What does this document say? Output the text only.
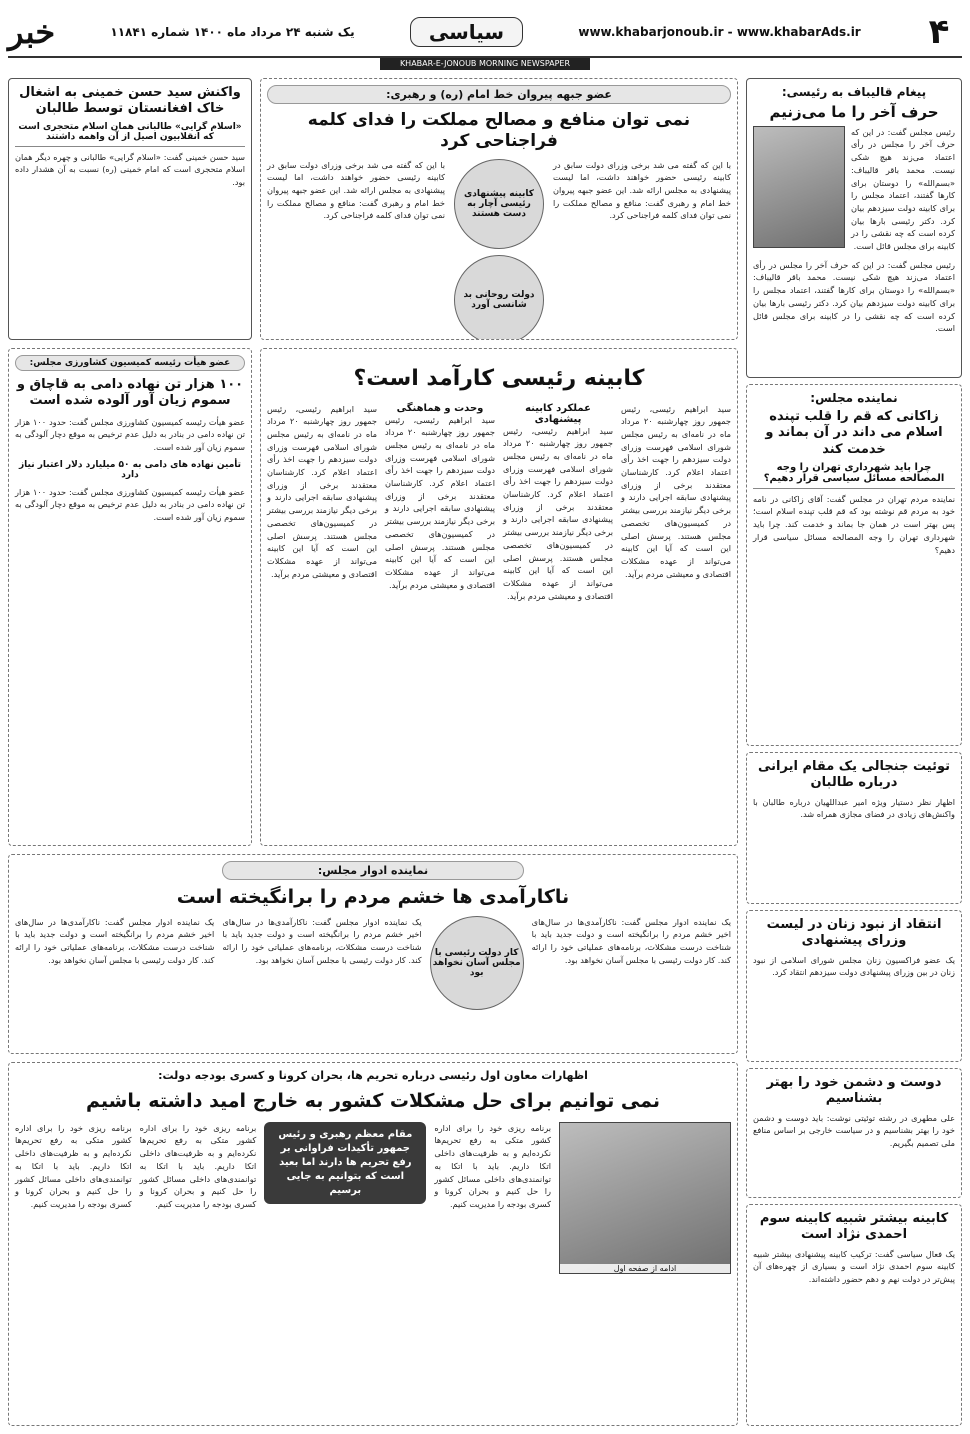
۴
www.khabarjonoub.ir - www.khabarAds.ir
سیاسی
یک شنبه ۲۴ مرداد ماه ۱۴۰۰ شماره ۱۱۸۴۱
خبر
KHABAR-E-JONOUB MORNING NEWSPAPER
پیغام قالیباف به رئیسی:
حرف آخر را ما می‌زنیم
رئیس مجلس گفت: در این که حرف آخر را مجلس در رأی اعتماد می‌زند هیچ شکی نیست. محمد باقر قالیباف: «بسم‌الله» را دوستان برای کارها گفتند، اعتماد مجلس را برای کابینه دولت سیزدهم بیان کرد. دکتر رئیسی بارها بیان کرده است که چه نقشی را در کابینه برای مجلس قائل است.
رئیس مجلس گفت: در این که حرف آخر را مجلس در رأی اعتماد می‌زند هیچ شکی نیست. محمد باقر قالیباف: «بسم‌الله» را دوستان برای کارها گفتند، اعتماد مجلس را برای کابینه دولت سیزدهم بیان کرد. دکتر رئیسی بارها بیان کرده است که چه نقشی را در کابینه برای مجلس قائل است.
نماینده مجلس:
زاکانی که قم را قلب تپنده اسلام می داند در آن بماند و خدمت کند
چرا باید شهرداری تهران را وجه المصالحه مسائل سیاسی قرار دهیم؟
نماینده مردم تهران در مجلس گفت: آقای زاکانی در نامه خود به مردم قم نوشته بود که قم قلب تپنده اسلام است؛ پس بهتر است در همان جا بماند و خدمت کند. چرا باید شهرداری تهران را وجه المصالحه مسائل سیاسی قرار دهیم؟
توئیت جنجالی یک مقام ایرانی درباره طالبان
اظهار نظر دستیار ویژه امیر عبداللهیان درباره طالبان با واکنش‌های زیادی در فضای مجازی همراه شد.
انتقاد از نبود زنان در لیست وزرای پیشنهادی
یک عضو فراکسیون زنان مجلس شورای اسلامی از نبود زنان در بین وزرای پیشنهادی دولت سیزدهم انتقاد کرد.
دوست و دشمن خود را بهتر بشناسیم
علی مطهری در رشته توئیتی نوشت: باید دوست و دشمن خود را بهتر بشناسیم و در سیاست خارجی بر اساس منافع ملی تصمیم بگیریم.
کابینه بیشتر شبیه کابینه سوم احمدی نژاد است
یک فعال سیاسی گفت: ترکیب کابینه پیشنهادی بیشتر شبیه کابینه سوم احمدی نژاد است و بسیاری از چهره‌های آن پیش‌تر در دولت نهم و دهم حضور داشته‌اند.
عضو جبهه پیروان خط امام (ره) و رهبری:
نمی توان منافع و مصالح مملکت را فدای کلمه فراجناحی کرد
با این که گفته می شد برخی وزرای دولت سابق در کابینه رئیسی حضور خواهند داشت، اما لیست پیشنهادی به مجلس ارائه شد. این عضو جبهه پیروان خط امام و رهبری گفت: منافع و مصالح مملکت را نمی توان فدای کلمه فراجناحی کرد.
کابینه پیشنهادی رئیسی آچار به دست هستند
دولت روحانی بد شانسی آورد
با این که گفته می شد برخی وزرای دولت سابق در کابینه رئیسی حضور خواهند داشت، اما لیست پیشنهادی به مجلس ارائه شد. این عضو جبهه پیروان خط امام و رهبری گفت: منافع و مصالح مملکت را نمی توان فدای کلمه فراجناحی کرد.
کابینه رئیسی کارآمد است؟
سید ابراهیم رئیسی، رئیس جمهور روز چهارشنبه ۲۰ مرداد ماه در نامه‌ای به رئیس مجلس شورای اسلامی فهرست وزرای دولت سیزدهم را جهت اخذ رأی اعتماد اعلام کرد. کارشناسان معتقدند برخی از وزرای پیشنهادی سابقه اجرایی دارند و برخی دیگر نیازمند بررسی بیشتر در کمیسیون‌های تخصصی مجلس هستند. پرسش اصلی این است که آیا این کابینه می‌تواند از عهده مشکلات اقتصادی و معیشتی مردم برآید.
عملکرد کابینه پیشنهادی
سید ابراهیم رئیسی، رئیس جمهور روز چهارشنبه ۲۰ مرداد ماه در نامه‌ای به رئیس مجلس شورای اسلامی فهرست وزرای دولت سیزدهم را جهت اخذ رأی اعتماد اعلام کرد. کارشناسان معتقدند برخی از وزرای پیشنهادی سابقه اجرایی دارند و برخی دیگر نیازمند بررسی بیشتر در کمیسیون‌های تخصصی مجلس هستند. پرسش اصلی این است که آیا این کابینه می‌تواند از عهده مشکلات اقتصادی و معیشتی مردم برآید.
وحدت و هماهنگی
سید ابراهیم رئیسی، رئیس جمهور روز چهارشنبه ۲۰ مرداد ماه در نامه‌ای به رئیس مجلس شورای اسلامی فهرست وزرای دولت سیزدهم را جهت اخذ رأی اعتماد اعلام کرد. کارشناسان معتقدند برخی از وزرای پیشنهادی سابقه اجرایی دارند و برخی دیگر نیازمند بررسی بیشتر در کمیسیون‌های تخصصی مجلس هستند. پرسش اصلی این است که آیا این کابینه می‌تواند از عهده مشکلات اقتصادی و معیشتی مردم برآید.
سید ابراهیم رئیسی، رئیس جمهور روز چهارشنبه ۲۰ مرداد ماه در نامه‌ای به رئیس مجلس شورای اسلامی فهرست وزرای دولت سیزدهم را جهت اخذ رأی اعتماد اعلام کرد. کارشناسان معتقدند برخی از وزرای پیشنهادی سابقه اجرایی دارند و برخی دیگر نیازمند بررسی بیشتر در کمیسیون‌های تخصصی مجلس هستند. پرسش اصلی این است که آیا این کابینه می‌تواند از عهده مشکلات اقتصادی و معیشتی مردم برآید.
نماینده ادوار مجلس:
ناکارآمدی ها خشم مردم را برانگیخته است
یک نماینده ادوار مجلس گفت: ناکارآمدی‌ها در سال‌های اخیر خشم مردم را برانگیخته است و دولت جدید باید با شناخت درست مشکلات، برنامه‌های عملیاتی خود را ارائه کند. کار دولت رئیسی با مجلس آسان نخواهد بود.
کار دولت رئیسی با مجلس آسان نخواهد بود
یک نماینده ادوار مجلس گفت: ناکارآمدی‌ها در سال‌های اخیر خشم مردم را برانگیخته است و دولت جدید باید با شناخت درست مشکلات، برنامه‌های عملیاتی خود را ارائه کند. کار دولت رئیسی با مجلس آسان نخواهد بود.
یک نماینده ادوار مجلس گفت: ناکارآمدی‌ها در سال‌های اخیر خشم مردم را برانگیخته است و دولت جدید باید با شناخت درست مشکلات، برنامه‌های عملیاتی خود را ارائه کند. کار دولت رئیسی با مجلس آسان نخواهد بود.
واکنش سید حسن خمینی به اشغال خاک افغانستان توسط طالبان
«اسلام گرایی» طالبانی همان اسلام متحجری است که انقلابیون اصیل از آن واهمه داشتند
سید حسن خمینی گفت: «اسلام گرایی» طالبانی و چهره دیگر همان اسلام متحجری است که امام خمینی (ره) نسبت به آن هشدار داده بود.
عضو هیأت رئیسه کمیسیون کشاورزی مجلس:
۱۰۰ هزار تن نهاده دامی به قاچاق و سموم زیان آور آلوده شده است
عضو هیأت رئیسه کمیسیون کشاورزی مجلس گفت: حدود ۱۰۰ هزار تن نهاده دامی در بنادر به دلیل عدم ترخیص به موقع دچار آلودگی به سموم زیان آور شده است.
تأمین نهاده های دامی به ۵۰ میلیارد دلار اعتبار نیاز دارد
عضو هیأت رئیسه کمیسیون کشاورزی مجلس گفت: حدود ۱۰۰ هزار تن نهاده دامی در بنادر به دلیل عدم ترخیص به موقع دچار آلودگی به سموم زیان آور شده است.
اظهارات معاون اول رئیسی درباره تحریم ها، بحران کرونا و کسری بودجه دولت:
نمی توانیم برای حل مشکلات کشور به خارج امید داشته باشیم
ادامه از صفحه اول
برنامه ریزی خود را برای اداره کشور متکی به رفع تحریم‌ها نکرده‌ایم و به ظرفیت‌های داخلی اتکا داریم. باید با اتکا به توانمندی‌های داخلی مسائل کشور را حل کنیم و بحران کرونا و کسری بودجه را مدیریت کنیم.
مقام معظم رهبری و رئیس جمهور تأکیدات فراوانی بر رفع تحریم ها دارند اما بعید است که بتوانیم به جایی برسیم
برنامه ریزی خود را برای اداره کشور متکی به رفع تحریم‌ها نکرده‌ایم و به ظرفیت‌های داخلی اتکا داریم. باید با اتکا به توانمندی‌های داخلی مسائل کشور را حل کنیم و بحران کرونا و کسری بودجه را مدیریت کنیم.
برنامه ریزی خود را برای اداره کشور متکی به رفع تحریم‌ها نکرده‌ایم و به ظرفیت‌های داخلی اتکا داریم. باید با اتکا به توانمندی‌های داخلی مسائل کشور را حل کنیم و بحران کرونا و کسری بودجه را مدیریت کنیم.
